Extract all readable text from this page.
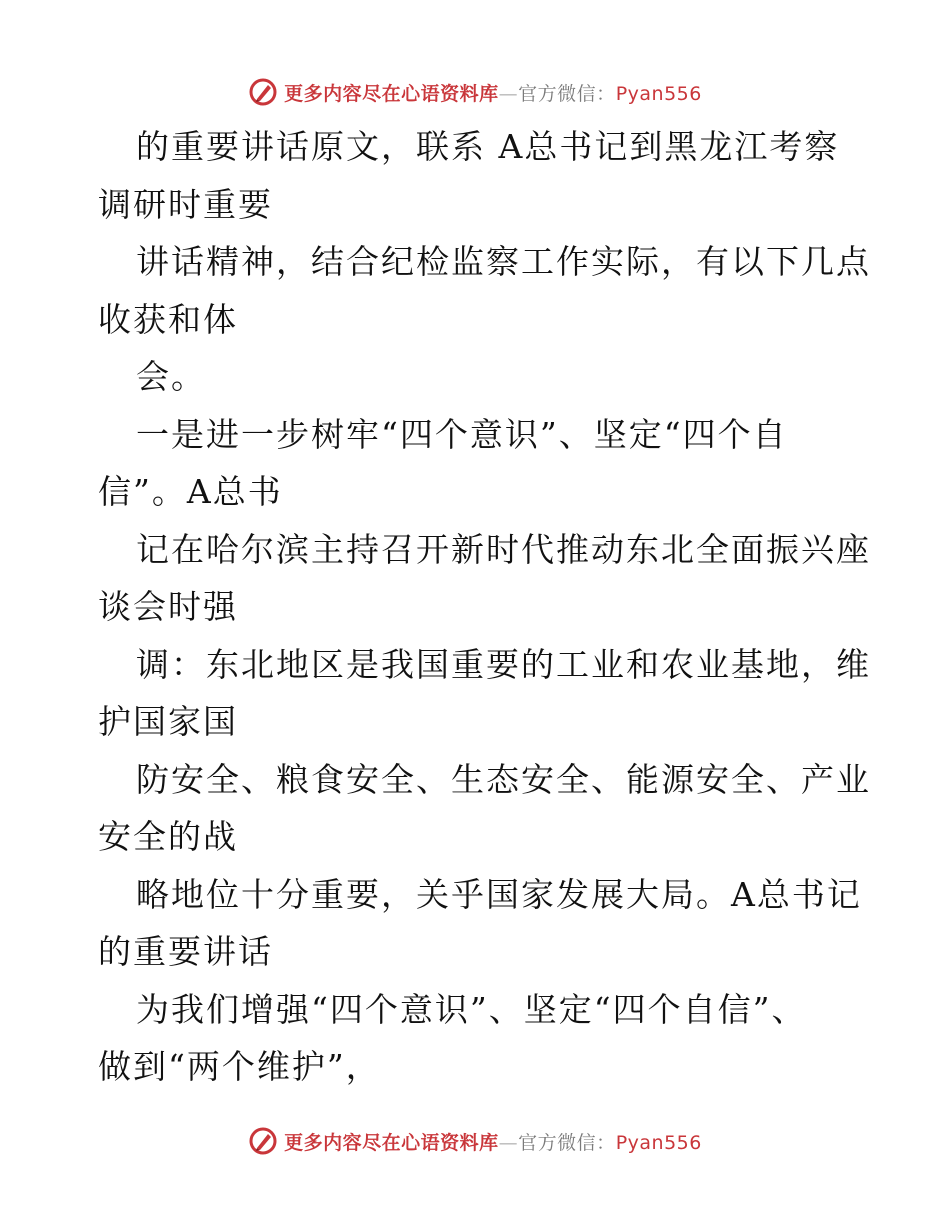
更多内容尽在心语资料库—官方微信：Pyan556
的重要讲话原文，联系 A总书记到黑龙江考察
调研时重要
讲话精神，结合纪检监察工作实际，有以下几点
收获和体
会。
一是进一步树牢“四个意识”、坚定“四个自
信”。A总书
记在哈尔滨主持召开新时代推动东北全面振兴座
谈会时强
调：东北地区是我国重要的工业和农业基地，维
护国家国
防安全、粮食安全、生态安全、能源安全、产业
安全的战
略地位十分重要，关乎国家发展大局。A总书记
的重要讲话
为我们增强“四个意识”、坚定“四个自信”、
做到“两个维护”，
更多内容尽在心语资料库—官方微信：Pyan556
